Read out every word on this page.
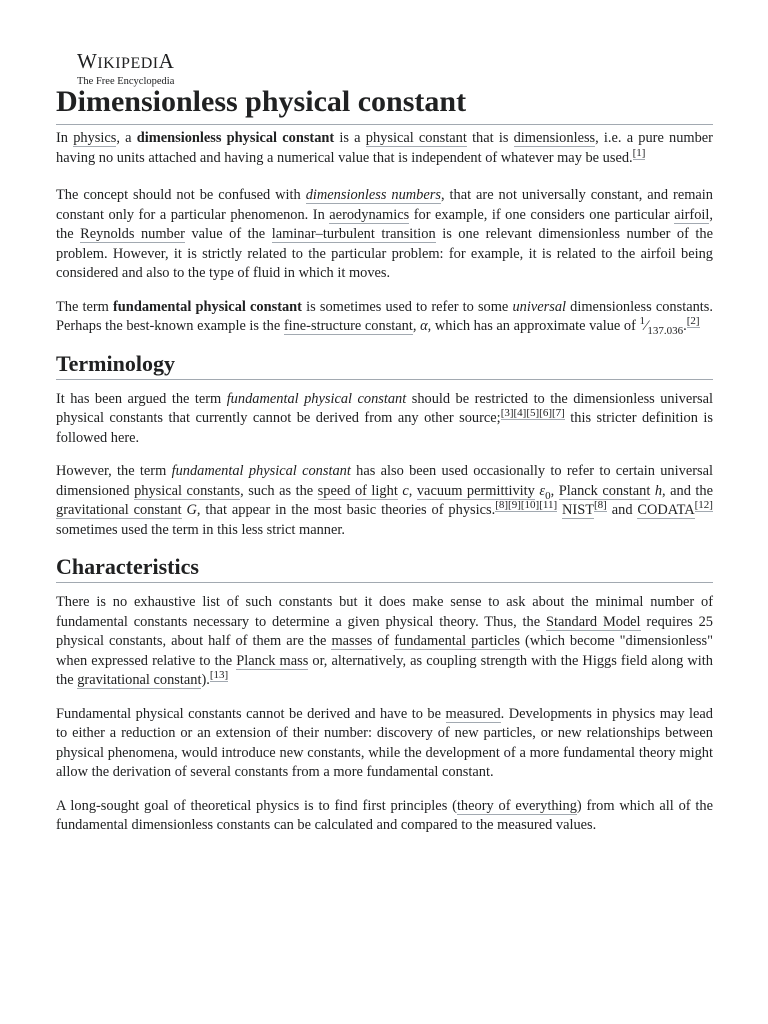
WIKIPEDIA
The Free Encyclopedia
Dimensionless physical constant

In physics, a dimensionless physical constant is a physical constant that is dimensionless, i.e. a pure number having no units attached and having a numerical value that is independent of whatever may be used.[1]

The concept should not be confused with dimensionless numbers, that are not universally constant, and remain constant only for a particular phenomenon. In aerodynamics for example, if one considers one particular airfoil, the Reynolds number value of the laminar–turbulent transition is one relevant dimensionless number of the problem. However, it is strictly related to the particular problem: for example, it is related to the airfoil being considered and also to the type of fluid in which it moves.

The term fundamental physical constant is sometimes used to refer to some universal dimensionless constants. Perhaps the best-known example is the fine-structure constant, α, which has an approximate value of $^1⁄_{137.036}.[2]$

Terminology

It has been argued the term fundamental physical constant should be restricted to the dimensionless universal physical constants that currently cannot be derived from any other source;[3][4][5][6][7] this stricter definition is followed here.

However, the term fundamental physical constant has also been used occasionally to refer to certain universal dimensioned physical constants, such as the speed of light c, vacuum permittivity $\varepsilon_0$, Planck constant h, and the gravitational constant G, that appear in the most basic theories of physics.[8][9][10][11] NIST[8] and CODATA[12] sometimes used the term in this less strict manner.

Characteristics

There is no exhaustive list of such constants but it does make sense to ask about the minimal number of fundamental constants necessary to determine a given physical theory. Thus, the Standard Model requires 25 physical constants, about half of them are the masses of fundamental particles (which become "dimensionless" when expressed relative to the Planck mass or, alternatively, as coupling strength with the Higgs field along with the gravitational constant).[13]

Fundamental physical constants cannot be derived and have to be measured. Developments in physics may lead to either a reduction or an extension of their number: discovery of new particles, or new relationships between physical phenomena, would introduce new constants, while the development of a more fundamental theory might allow the derivation of several constants from a more fundamental constant.

A long-sought goal of theoretical physics is to find first principles (theory of everything) from which all of the fundamental dimensionless constants can be calculated and compared to the measured values.
